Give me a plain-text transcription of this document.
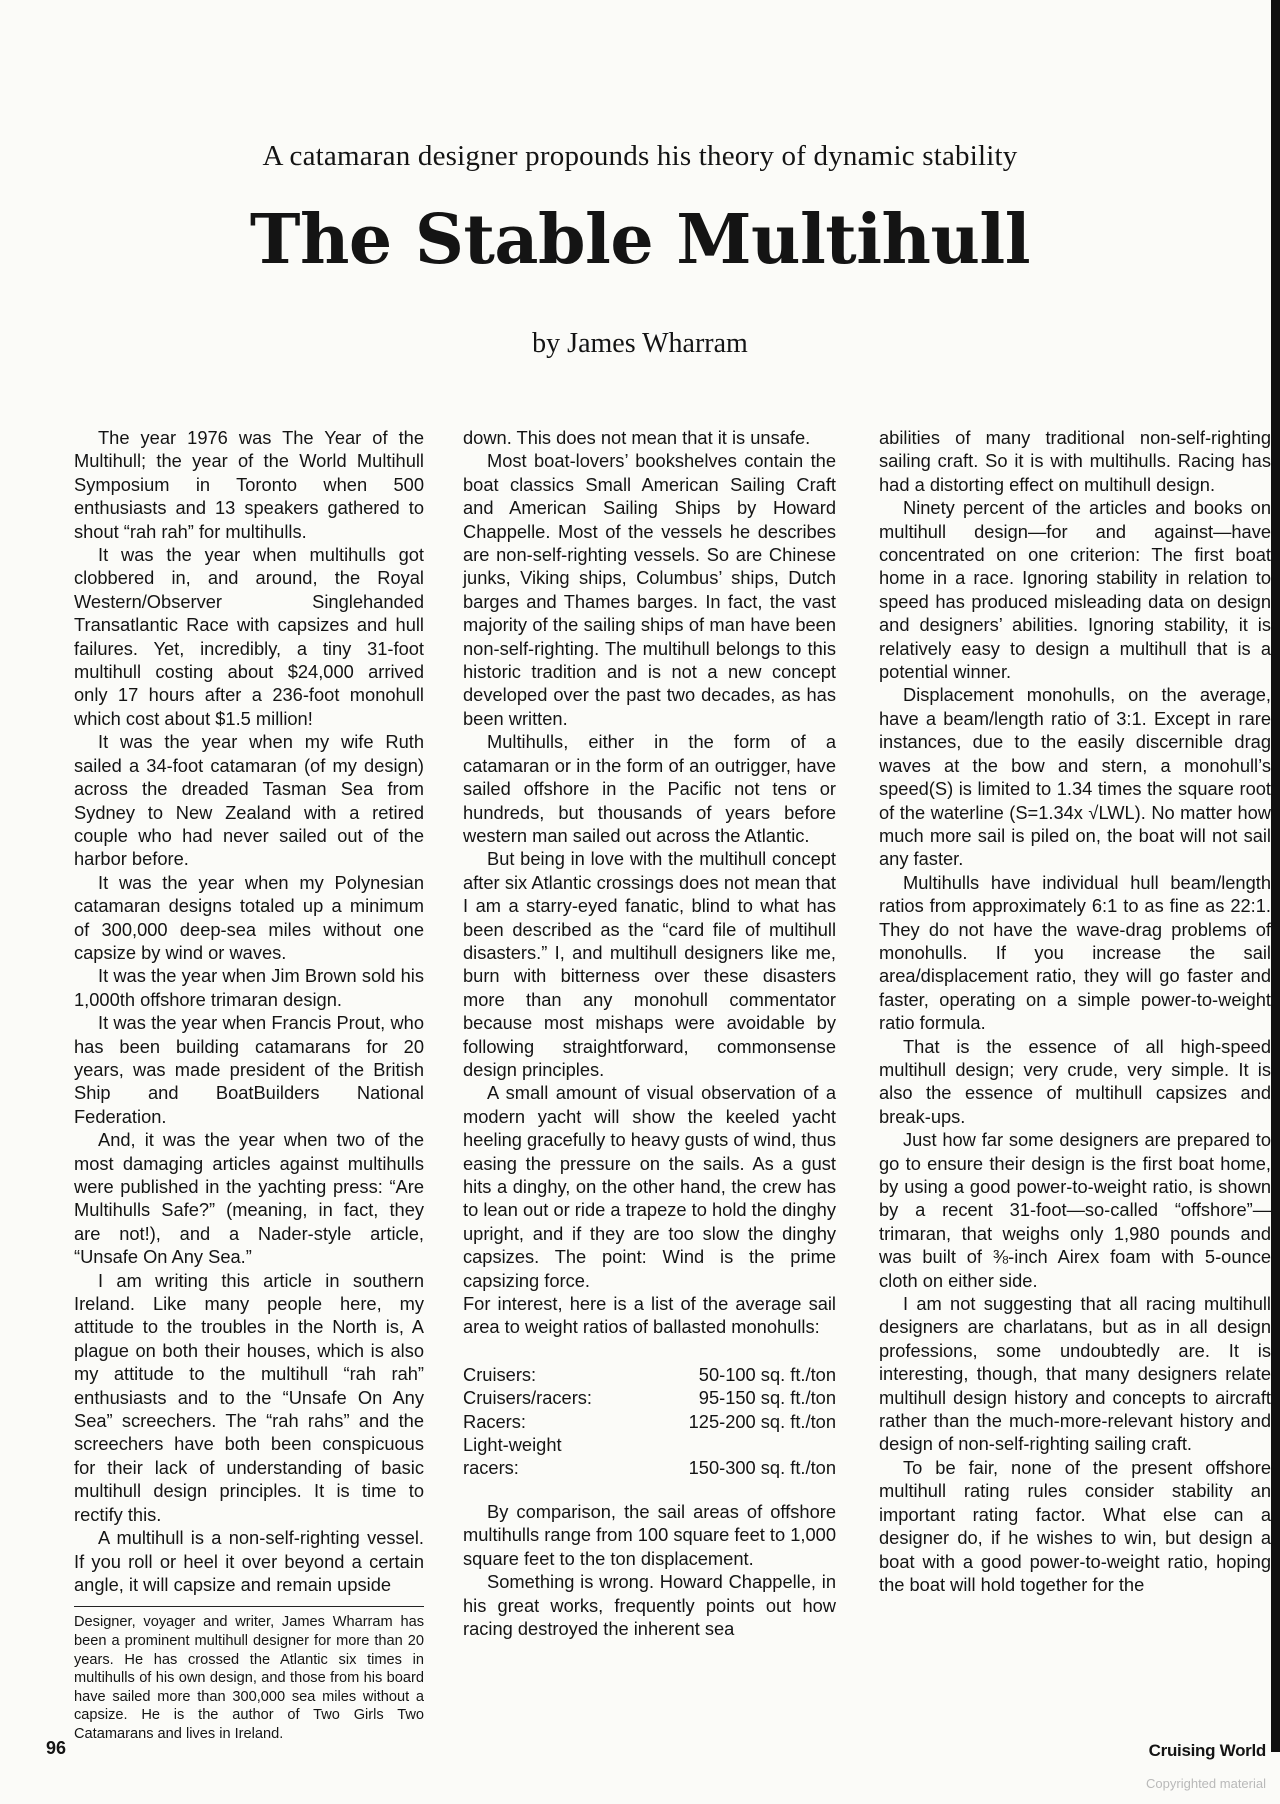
A catamaran designer propounds his theory of dynamic stability
The Stable Multihull
by James Wharram

The year 1976 was The Year of the Multihull; the year of the World Multihull Symposium in Toronto when 500 enthusiasts and 13 speakers gathered to shout “rah rah” for multihulls.

It was the year when multihulls got clobbered in, and around, the Royal Western/Observer Singlehanded Transatlantic Race with capsizes and hull failures. Yet, incredibly, a tiny 31-foot multihull costing about $24,000 arrived only 17 hours after a 236-foot monohull which cost about $1.5 million!

It was the year when my wife Ruth sailed a 34-foot catamaran (of my design) across the dreaded Tasman Sea from Sydney to New Zealand with a retired couple who had never sailed out of the harbor before.

It was the year when my Polynesian catamaran designs totaled up a minimum of 300,000 deep-sea miles without one capsize by wind or waves.

It was the year when Jim Brown sold his 1,000th offshore trimaran design.

It was the year when Francis Prout, who has been building catamarans for 20 years, was made president of the British Ship and BoatBuilders National Federation.

And, it was the year when two of the most damaging articles against multihulls were published in the yachting press: “Are Multihulls Safe?” (meaning, in fact, they are not!), and a Nader-style article, “Unsafe On Any Sea.”

I am writing this article in southern Ireland. Like many people here, my attitude to the troubles in the North is, A plague on both their houses, which is also my attitude to the multihull “rah rah” enthusiasts and to the “Unsafe On Any Sea” screechers. The “rah rahs” and the screechers have both been conspicuous for their lack of understanding of basic multihull design principles. It is time to rectify this.

A multihull is a non-self-righting vessel. If you roll or heel it over beyond a certain angle, it will capsize and remain upside

Designer, voyager and writer, James Wharram has been a prominent multihull designer for more than 20 years. He has crossed the Atlantic six times in multihulls of his own design, and those from his board have sailed more than 300,000 sea miles without a capsize. He is the author of Two Girls Two Catamarans and lives in Ireland.

down. This does not mean that it is unsafe.

Most boat-lovers’ bookshelves contain the boat classics Small American Sailing Craft and American Sailing Ships by Howard Chappelle. Most of the vessels he describes are non-self-righting vessels. So are Chinese junks, Viking ships, Columbus’ ships, Dutch barges and Thames barges. In fact, the vast majority of the sailing ships of man have been non-self-righting. The multihull belongs to this historic tradition and is not a new concept developed over the past two decades, as has been written.

Multihulls, either in the form of a catamaran or in the form of an outrigger, have sailed offshore in the Pacific not tens or hundreds, but thousands of years before western man sailed out across the Atlantic.

But being in love with the multihull concept after six Atlantic crossings does not mean that I am a starry-eyed fanatic, blind to what has been described as the “card file of multihull disasters.” I, and multihull designers like me, burn with bitterness over these disasters more than any monohull commentator because most mishaps were avoidable by following straightforward, commonsense design principles.

A small amount of visual observation of a modern yacht will show the keeled yacht heeling gracefully to heavy gusts of wind, thus easing the pressure on the sails. As a gust hits a dinghy, on the other hand, the crew has to lean out or ride a trapeze to hold the dinghy upright, and if they are too slow the dinghy capsizes. The point: Wind is the prime capsizing force.

For interest, here is a list of the average sail area to weight ratios of ballasted monohulls:

Cruisers:	50-100 sq. ft./ton
Cruisers/racers:	95-150 sq. ft./ton
Racers:	125-200 sq. ft./ton
Light-weight
racers:	150-300 sq. ft./ton

By comparison, the sail areas of offshore multihulls range from 100 square feet to 1,000 square feet to the ton displacement.

Something is wrong. Howard Chappelle, in his great works, frequently points out how racing destroyed the inherent sea

abilities of many traditional non-self-righting sailing craft. So it is with multihulls. Racing has had a distorting effect on multihull design.

Ninety percent of the articles and books on multihull design—for and against—have concentrated on one criterion: The first boat home in a race. Ignoring stability in relation to speed has produced misleading data on design and designers’ abilities. Ignoring stability, it is relatively easy to design a multihull that is a potential winner.

Displacement monohulls, on the average, have a beam/length ratio of 3:1. Except in rare instances, due to the easily discernible drag waves at the bow and stern, a monohull’s speed(S) is limited to 1.34 times the square root of the waterline (S=1.34x √LWL). No matter how much more sail is piled on, the boat will not sail any faster.

Multihulls have individual hull beam/length ratios from approximately 6:1 to as fine as 22:1. They do not have the wave-drag problems of monohulls. If you increase the sail area/displacement ratio, they will go faster and faster, operating on a simple power-to-weight ratio formula.

That is the essence of all high-speed multihull design; very crude, very simple. It is also the essence of multihull capsizes and break-ups.

Just how far some designers are prepared to go to ensure their design is the first boat home, by using a good power-to-weight ratio, is shown by a recent 31-foot—so-called “offshore”—trimaran, that weighs only 1,980 pounds and was built of ⅜-inch Airex foam with 5-ounce cloth on either side.

I am not suggesting that all racing multihull designers are charlatans, but as in all design professions, some undoubtedly are. It is interesting, though, that many designers relate multihull design history and concepts to aircraft rather than the much-more-relevant history and design of non-self-righting sailing craft.

To be fair, none of the present offshore multihull rating rules consider stability an important rating factor. What else can a designer do, if he wishes to win, but design a boat with a good power-to-weight ratio, hoping the boat will hold together for the

96	Cruising World
Copyrighted material
